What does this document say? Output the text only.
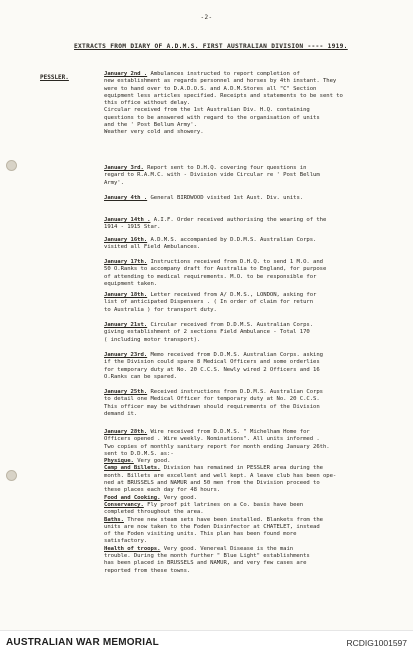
-2-
EXTRACTS FROM DIARY OF A.D.M.S. FIRST AUSTRALIAN DIVISION ---- 1919.
PESSLER.	January 2nd . Ambulances instructed to report completion of
new establishment as regards personnel and horses by 4th instant. They
were to hand over to D.A.D.O.S. and A.D.M.Stores all "C" Section
equipment less articles specified. Receipts and statements to be sent to
this office without delay.
Circular received from the 1st Australian Div. H.Q. containing
questions to be answered with regard to the organisation of units
and the ' Post Bellum Army'.
Weather very cold and showery.
January 3rd. Report sent to D.H.Q. covering four questions in
regard to R.A.M.C. with - Division vide Circular re ' Post Bellum
Army'.
January 4th . General BIRDWOOD visited 1st Aust. Div. units.
January 14th . A.I.F. Order received authorising the wearing of the
1914 - 1915 Star.
January 16th. A.D.M.S. accompanied by D.D.M.S. Australian Corps.
visited all Field Ambulances.
January 17th. Instructions received from D.H.Q. to send 1 M.O. and
50 O.Ranks to accompany draft for Australia to England, for purpose
of attending to medical requirements. M.O. to be responsible for
equipment taken.
January 18th. Letter received from A/ D.M.S., LONDON, asking for
list of anticipated Dispensers . ( In order of claim for return
to Australia ) for transport duty.
January 21st. Circular received from D.D.M.S. Australian Corps.
giving establishment of 2 sections Field Ambulance - Total 170
( including motor transport).
January 23rd. Memo received from D.D.M.S. Australian Corps. asking
if the Division could spare 8 Medical Officers and some orderlies
for temporary duty at No. 20 C.C.S. Newly wired 2 Officers and 16
O.Ranks can be spared.
January 25th. Received instructions from D.D.M.S. Australian Corps
to detail one Medical Officer for temporary duty at No. 20 C.C.S.
This officer may be withdrawn should requirements of the Division
demand it.
January 28th. Wire received from D.D.M.S. " Michelham Home for
Officers opened . Wire weekly. Nominations". All units informed .
Two copies of monthly sanitary report for month ending January 26th.
sent to D.D.M.S. as:-
Physique. Very good.
Camp and Billets. Division has remained in PESSLER area during the
month. Billets are excellent and well kept. A leave club has been ope-
ned at BRUSSELS and NAMUR and 50 men from the Division proceed to
these places each day for 48 hours.
Food and Cooking. Very good.
Conservancy. Fly proof pit latrines on a Co. basis have been
completed throughout the area.
Baths. Three new steam sets have been installed. Blankets from the
units are now taken to the Foden Disinfector at CHATELET, instead
of the Foden visiting units. This plan has been found more
satisfactory.
Health of troops. Very good. Venereal Disease is the main
trouble. During the month further " Blue Light" establishments
has been placed in BRUSSELS and NAMUR, and very few cases are
reported from these towns.
AUSTRALIAN WAR MEMORIAL	RCDIG1001597
